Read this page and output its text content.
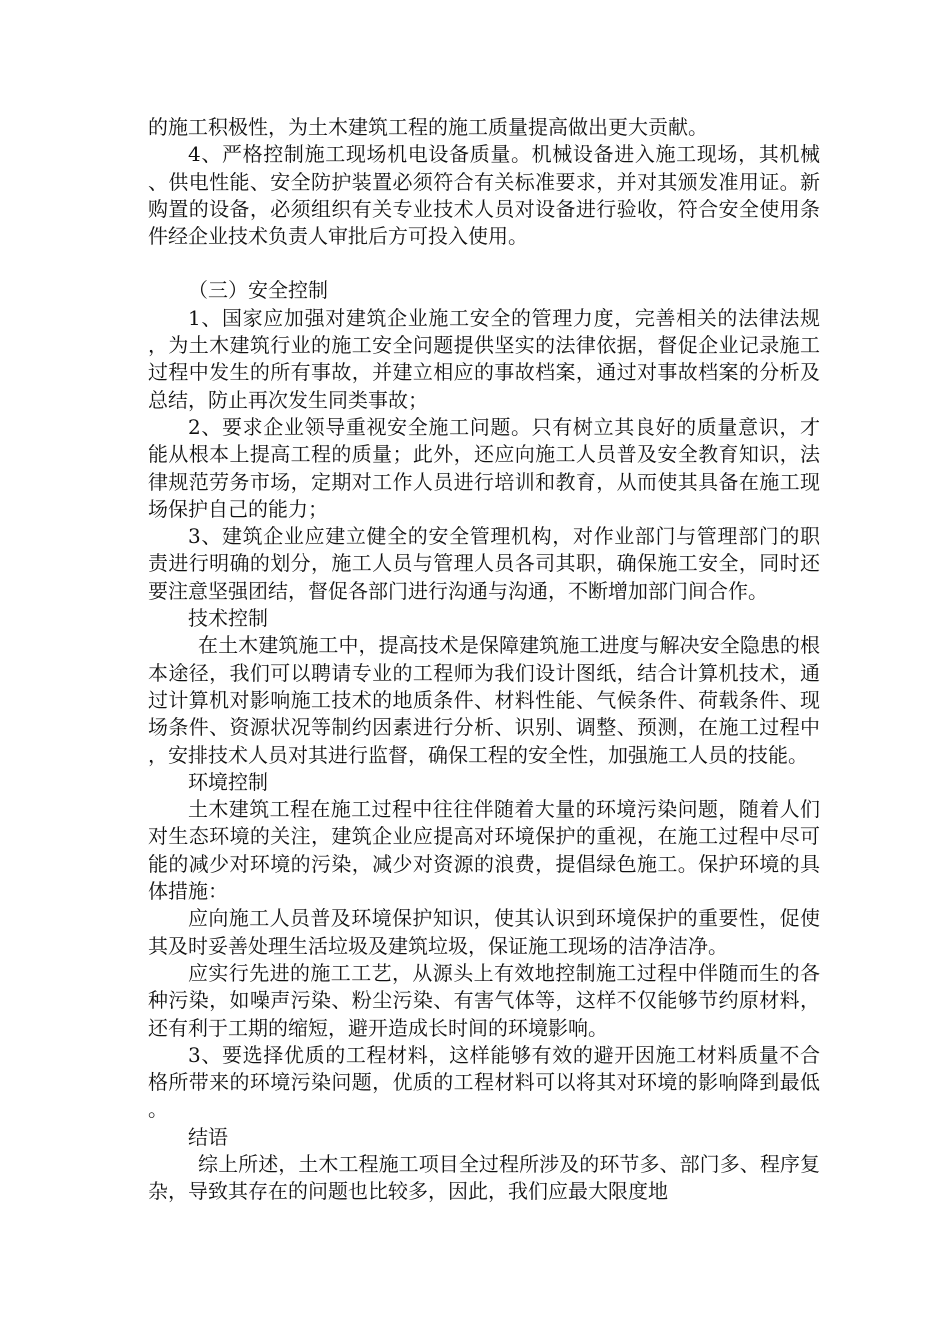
的施工积极性，为土木建筑工程的施工质量提高做出更大贡献。

4、严格控制施工现场机电设备质量。机械设备进入施工现场，其机械、供电性能、安全防护装置必须符合有关标准要求，并对其颁发准用证。新购置的设备，必须组织有关专业技术人员对设备进行验收，符合安全使用条件经企业技术负责人审批后方可投入使用。

（三）安全控制

1、国家应加强对建筑企业施工安全的管理力度，完善相关的法律法规，为土木建筑行业的施工安全问题提供坚实的法律依据，督促企业记录施工过程中发生的所有事故，并建立相应的事故档案，通过对事故档案的分析及总结，防止再次发生同类事故；

2、要求企业领导重视安全施工问题。只有树立其良好的质量意识，才能从根本上提高工程的质量；此外，还应向施工人员普及安全教育知识，法律规范劳务市场，定期对工作人员进行培训和教育，从而使其具备在施工现场保护自己的能力；

3、建筑企业应建立健全的安全管理机构，对作业部门与管理部门的职责进行明确的划分，施工人员与管理人员各司其职，确保施工安全，同时还要注意坚强团结，督促各部门进行沟通与沟通，不断增加部门间合作。

技术控制

在土木建筑施工中，提高技术是保障建筑施工进度与解决安全隐患的根本途径，我们可以聘请专业的工程师为我们设计图纸，结合计算机技术，通过计算机对影响施工技术的地质条件、材料性能、气候条件、荷载条件、现场条件、资源状况等制约因素进行分析、识别、调整、预测，在施工过程中，安排技术人员对其进行监督，确保工程的安全性，加强施工人员的技能。

环境控制

土木建筑工程在施工过程中往往伴随着大量的环境污染问题，随着人们对生态环境的关注，建筑企业应提高对环境保护的重视，在施工过程中尽可能的减少对环境的污染，减少对资源的浪费，提倡绿色施工。保护环境的具体措施：

应向施工人员普及环境保护知识，使其认识到环境保护的重要性，促使其及时妥善处理生活垃圾及建筑垃圾，保证施工现场的洁净洁净。

应实行先进的施工工艺，从源头上有效地控制施工过程中伴随而生的各种污染，如噪声污染、粉尘污染、有害气体等，这样不仅能够节约原材料，还有利于工期的缩短，避开造成长时间的环境影响。

3、要选择优质的工程材料，这样能够有效的避开因施工材料质量不合格所带来的环境污染问题，优质的工程材料可以将其对环境的影响降到最低。

结语

综上所述，土木工程施工项目全过程所涉及的环节多、部门多、程序复杂，导致其存在的问题也比较多，因此，我们应最大限度地
